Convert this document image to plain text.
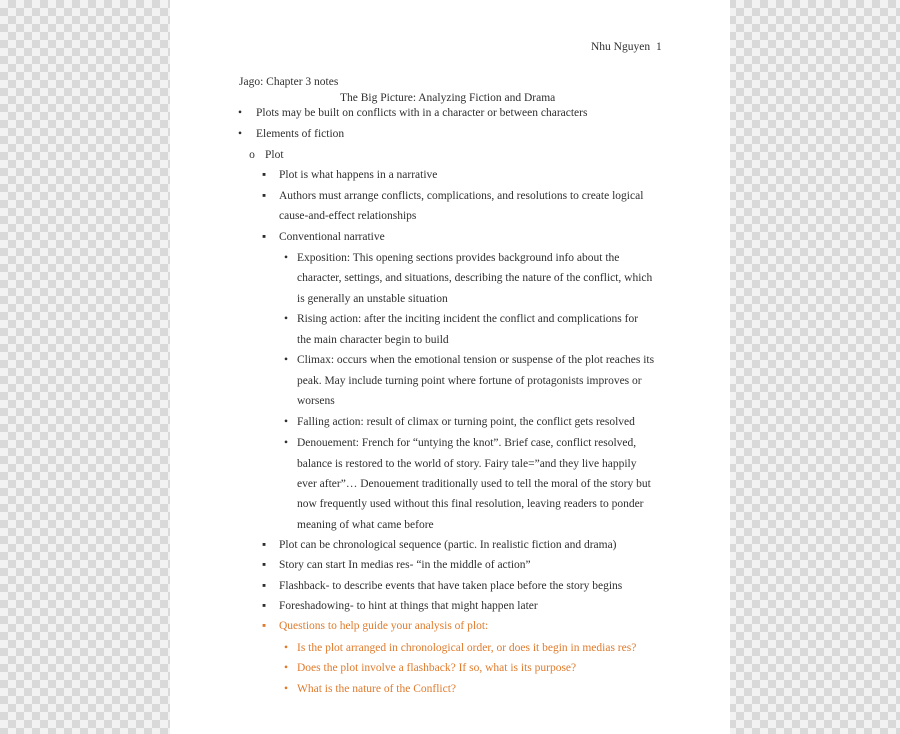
Nhu Nguyen 1
Jago: Chapter 3 notes
The Big Picture: Analyzing Fiction and Drama
•	Plots may be built on conflicts with in a character or between characters
•	Elements of fiction
o Plot
▪	Plot is what happens in a narrative
▪	Authors must arrange conflicts, complications, and resolutions to create logical
cause-and-effect relationships
▪	Conventional narrative
• Exposition: This opening sections provides background info about the
character, settings, and situations, describing the nature of the conflict, which
is generally an unstable situation
• Rising action: after the inciting incident the conflict and complications for
the main character begin to build
• Climax: occurs when the emotional tension or suspense of the plot reaches its
peak. May include turning point where fortune of protagonists improves or
worsens
• Falling action: result of climax or turning point, the conflict gets resolved
• Denouement: French for “untying the knot”. Brief case, conflict resolved,
balance is restored to the world of story. Fairy tale=”and they live happily
ever after”… Denouement traditionally used to tell the moral of the story but
now frequently used without this final resolution, leaving readers to ponder
meaning of what came before
▪	Plot can be chronological sequence (partic. In realistic fiction and drama)
▪	Story can start In medias res- “in the middle of action”
▪	Flashback- to describe events that have taken place before the story begins
▪	Foreshadowing- to hint at things that might happen later
▪	Questions to help guide your analysis of plot:
• Is the plot arranged in chronological order, or does it begin in medias res?
• Does the plot involve a flashback? If so, what is its purpose?
• What is the nature of the Conflict?
